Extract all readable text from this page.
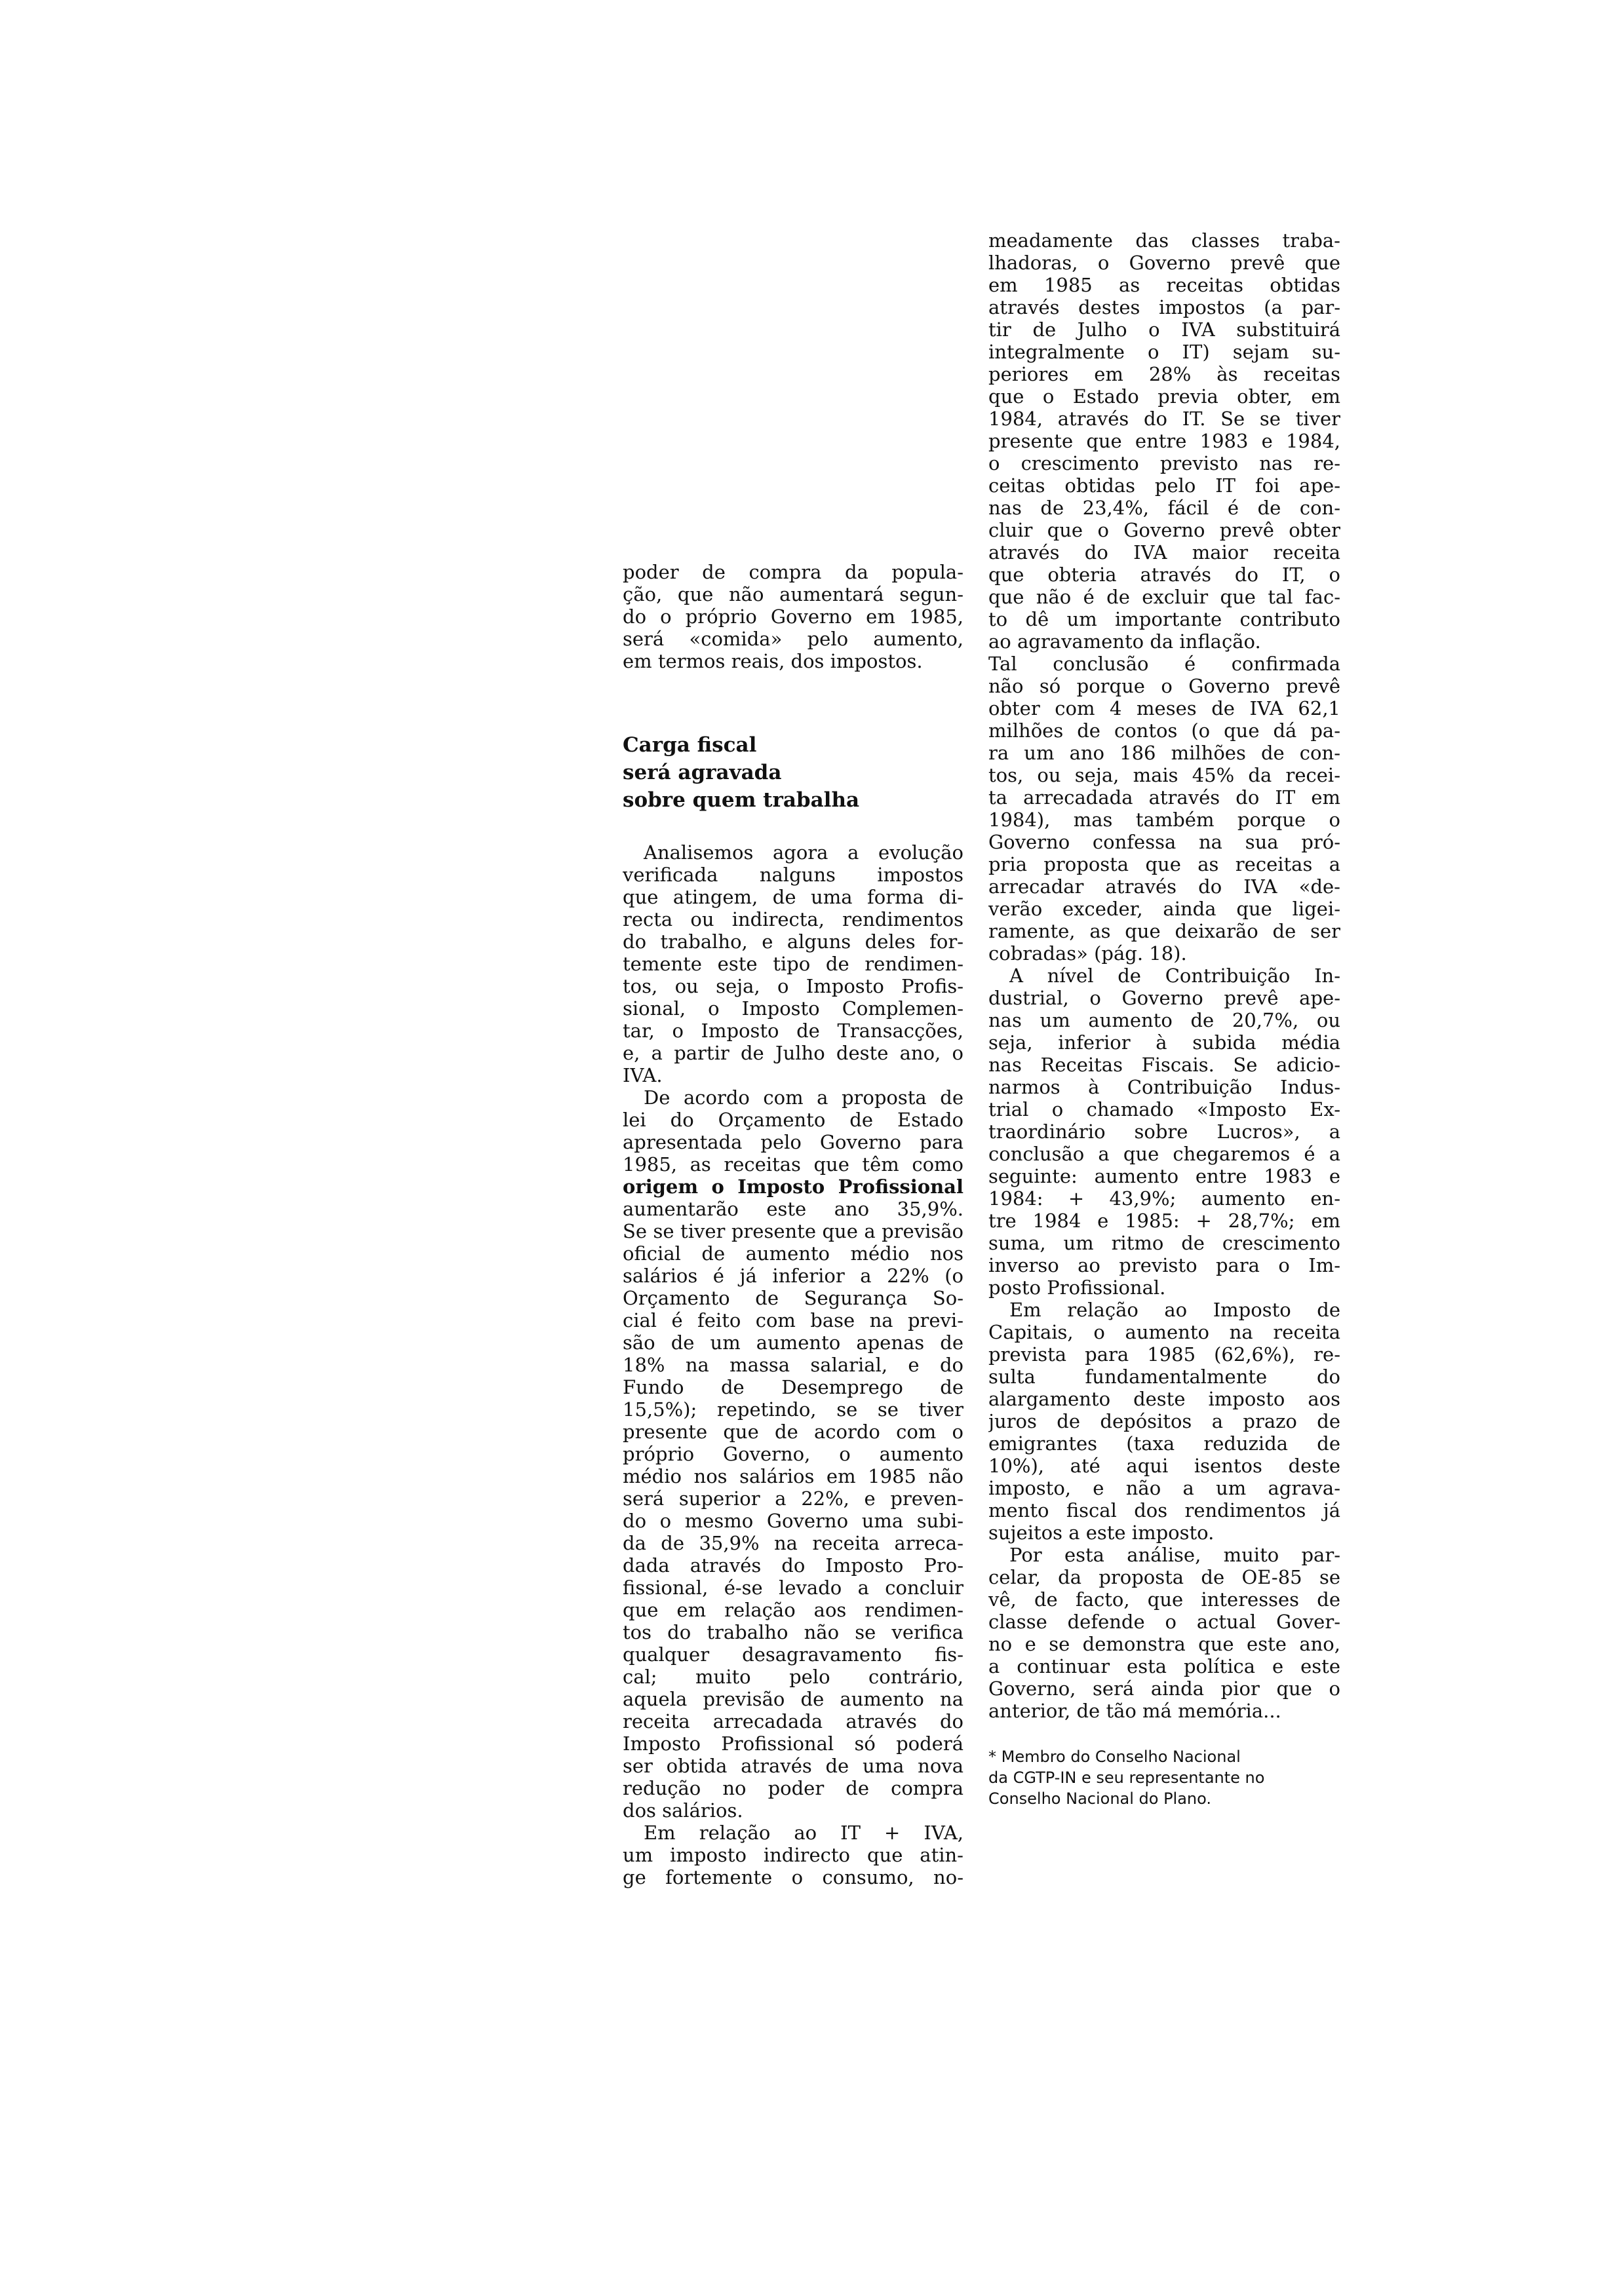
poder de compra da popula-
ção, que não aumentará segun-
do o próprio Governo em 1985,
será «comida» pelo aumento,
em termos reais, dos impostos.
Carga fiscal
será agravada
sobre quem trabalha
Analisemos agora a evolução
verificada nalguns impostos
que atingem, de uma forma di-
recta ou indirecta, rendimentos
do trabalho, e alguns deles for-
temente este tipo de rendimen-
tos, ou seja, o Imposto Profis-
sional, o Imposto Complemen-
tar, o Imposto de Transacções,
e, a partir de Julho deste ano, o
IVA.
De acordo com a proposta de
lei do Orçamento de Estado
apresentada pelo Governo para
1985, as receitas que têm como
origem o Imposto Profissional
aumentarão este ano 35,9%.
Se se tiver presente que a previsão
oficial de aumento médio nos
salários é já inferior a 22% (o
Orçamento de Segurança So-
cial é feito com base na previ-
são de um aumento apenas de
18% na massa salarial, e do
Fundo de Desemprego de
15,5%); repetindo, se se tiver
presente que de acordo com o
próprio Governo, o aumento
médio nos salários em 1985 não
será superior a 22%, e preven-
do o mesmo Governo uma subi-
da de 35,9% na receita arreca-
dada através do Imposto Pro-
fissional, é-se levado a concluir
que em relação aos rendimen-
tos do trabalho não se verifica
qualquer desagravamento fis-
cal; muito pelo contrário,
aquela previsão de aumento na
receita arrecadada através do
Imposto Profissional só poderá
ser obtida através de uma nova
redução no poder de compra
dos salários.
Em relação ao IT + IVA,
um imposto indirecto que atin-
ge fortemente o consumo, no-
meadamente das classes traba-
lhadoras, o Governo prevê que
em 1985 as receitas obtidas
através destes impostos (a par-
tir de Julho o IVA substituirá
integralmente o IT) sejam su-
periores em 28% às receitas
que o Estado previa obter, em
1984, através do IT. Se se tiver
presente que entre 1983 e 1984,
o crescimento previsto nas re-
ceitas obtidas pelo IT foi ape-
nas de 23,4%, fácil é de con-
cluir que o Governo prevê obter
através do IVA maior receita
que obteria através do IT, o
que não é de excluir que tal fac-
to dê um importante contributo
ao agravamento da inflação.
Tal conclusão é confirmada
não só porque o Governo prevê
obter com 4 meses de IVA 62,1
milhões de contos (o que dá pa-
ra um ano 186 milhões de con-
tos, ou seja, mais 45% da recei-
ta arrecadada através do IT em
1984), mas também porque o
Governo confessa na sua pró-
pria proposta que as receitas a
arrecadar através do IVA «de-
verão exceder, ainda que ligei-
ramente, as que deixarão de ser
cobradas» (pág. 18).
A nível de Contribuição In-
dustrial, o Governo prevê ape-
nas um aumento de 20,7%, ou
seja, inferior à subida média
nas Receitas Fiscais. Se adicio-
narmos à Contribuição Indus-
trial o chamado «Imposto Ex-
traordinário sobre Lucros», a
conclusão a que chegaremos é a
seguinte: aumento entre 1983 e
1984: + 43,9%; aumento en-
tre 1984 e 1985: + 28,7%; em
suma, um ritmo de crescimento
inverso ao previsto para o Im-
posto Profissional.
Em relação ao Imposto de
Capitais, o aumento na receita
prevista para 1985 (62,6%), re-
sulta fundamentalmente do
alargamento deste imposto aos
juros de depósitos a prazo de
emigrantes (taxa reduzida de
10%), até aqui isentos deste
imposto, e não a um agrava-
mento fiscal dos rendimentos já
sujeitos a este imposto.
Por esta análise, muito par-
celar, da proposta de OE-85 se
vê, de facto, que interesses de
classe defende o actual Gover-
no e se demonstra que este ano,
a continuar esta política e este
Governo, será ainda pior que o
anterior, de tão má memória...
* Membro do Conselho Nacional
da CGTP-IN e seu representante no
Conselho Nacional do Plano.
